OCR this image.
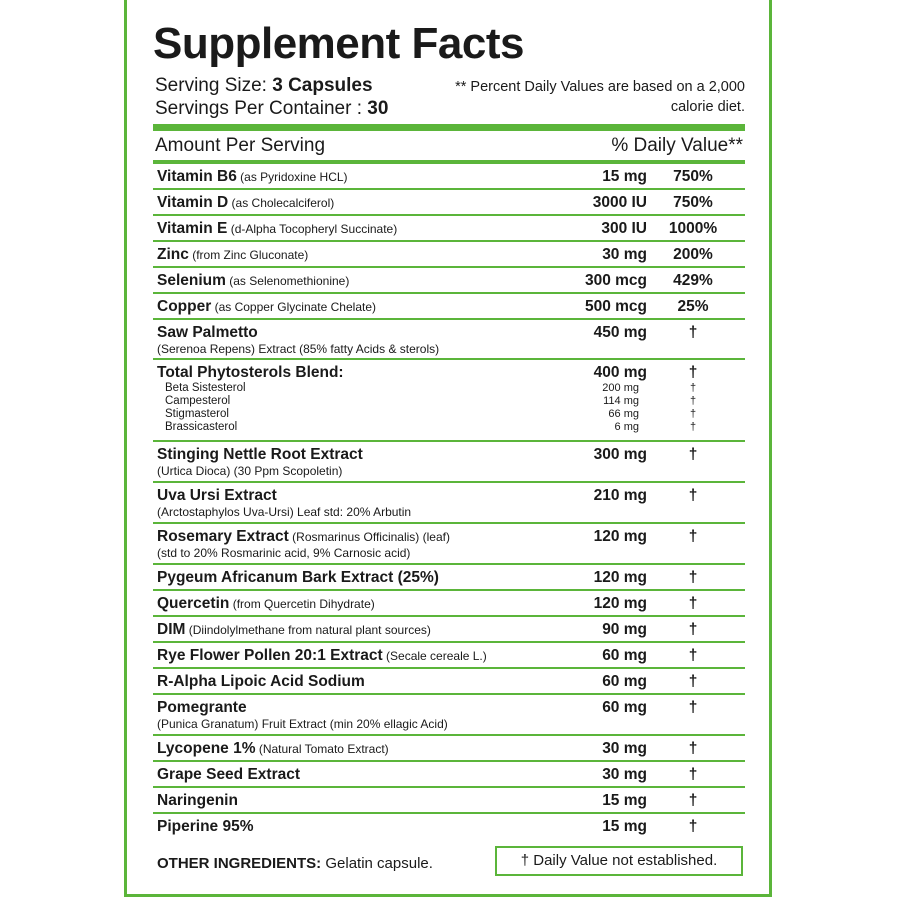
Supplement Facts
Serving Size: 3 Capsules
Servings Per Container : 30
** Percent Daily Values are based on a 2,000 calorie diet.
Amount Per Serving	% Daily Value**
Vitamin B6 (as Pyridoxine HCL)	15 mg	750%
Vitamin D (as Cholecalciferol)	3000 IU	750%
Vitamin E (d-Alpha Tocopheryl Succinate)	300 IU	1000%
Zinc (from Zinc Gluconate)	30 mg	200%
Selenium (as Selenomethionine)	300 mcg	429%
Copper (as Copper Glycinate Chelate)	500 mcg	25%
Saw Palmetto
(Serenoa Repens) Extract (85% fatty Acids & sterols)
450 mg	†
Total Phytosterols Blend:	400 mg	†
Beta Sistesterol	200 mg	†
Campesterol	114 mg	†
Stigmasterol	66 mg	†
Brassicasterol	6 mg	†
Stinging Nettle Root Extract
(Urtica Dioca) (30 Ppm Scopoletin)
300 mg	†
Uva Ursi Extract
(Arctostaphylos Uva-Ursi) Leaf std: 20% Arbutin
210 mg	†
Rosemary Extract (Rosmarinus Officinalis) (leaf)
(std to 20% Rosmarinic acid, 9% Carnosic acid)
120 mg	†
Pygeum Africanum Bark Extract (25%)	120 mg	†
Quercetin (from Quercetin Dihydrate)	120 mg	†
DIM (Diindolylmethane from natural plant sources)	90 mg	†
Rye Flower Pollen 20:1 Extract (Secale cereale L.)	60 mg	†
R-Alpha Lipoic Acid Sodium	60 mg	†
Pomegrante
(Punica Granatum) Fruit Extract (min 20% ellagic Acid)
60 mg	†
Lycopene 1% (Natural Tomato Extract)	30 mg	†
Grape Seed Extract	30 mg	†
Naringenin	15 mg	†
Piperine 95%	15 mg	†
OTHER INGREDIENTS: Gelatin capsule.	† Daily Value not established.
